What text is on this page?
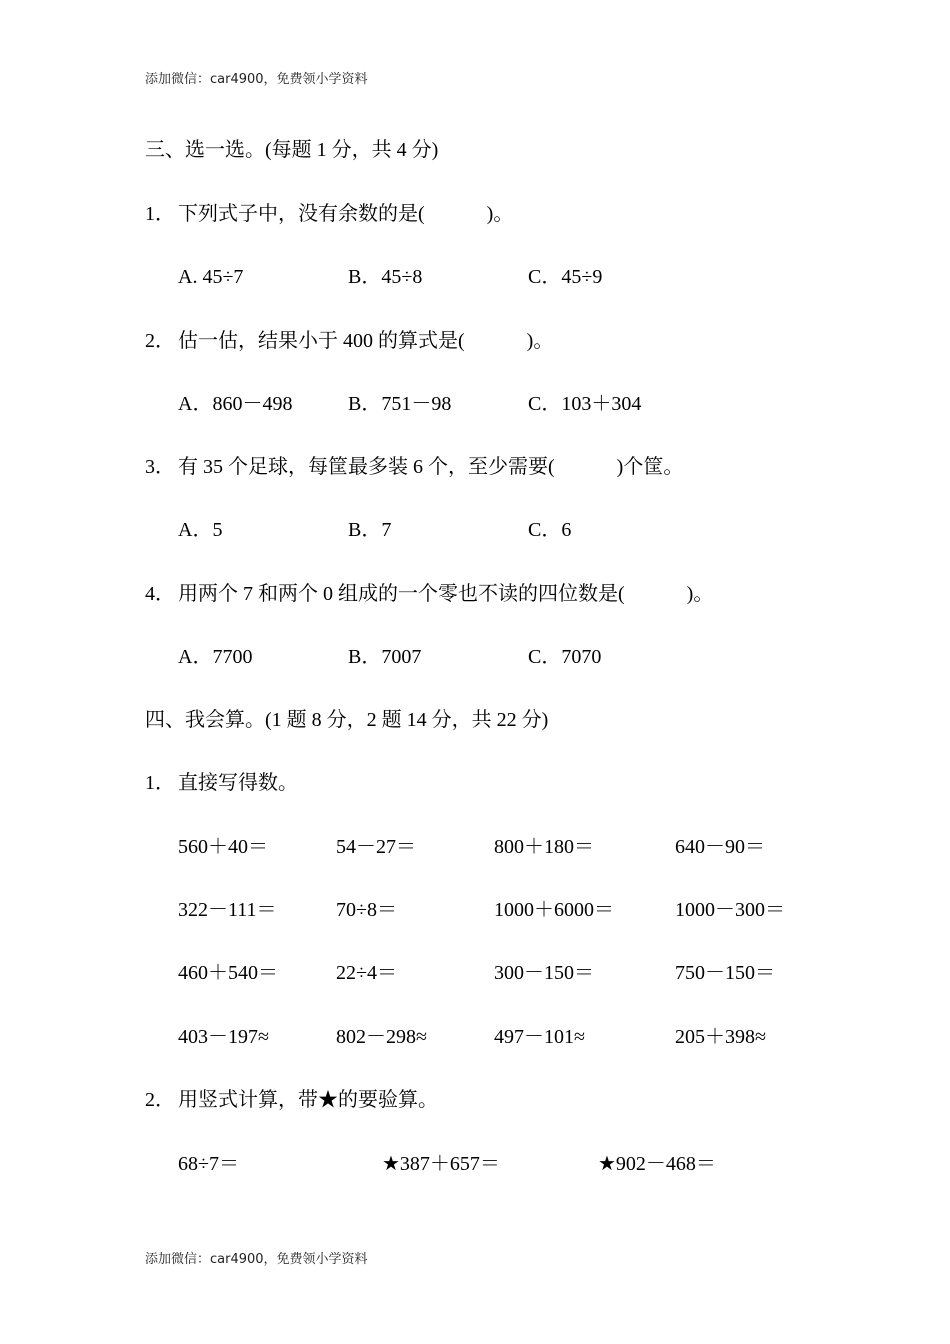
添加微信：car4900，免费领小学资料
三、选一选。(每题 1 分，共 4 分)
1． 下列式子中，没有余数的是(	)。
A. 45÷7	B．45÷8	C．45÷9
2． 估一估，结果小于 400 的算式是(	)。
A．860－498	B．751－98	C．103＋304
3． 有 35 个足球，每筐最多装 6 个，至少需要(	)个筐。
A．5	B．7	C．6
4． 用两个 7 和两个 0 组成的一个零也不读的四位数是(	)。
A．7700	B．7007	C．7070
四、我会算。(1 题 8 分，2 题 14 分，共 22 分)
1． 直接写得数。
560＋40＝	54－27＝	800＋180＝	640－90＝
322－111＝	70÷8＝	1000＋6000＝	1000－300＝
460＋540＝	22÷4＝	300－150＝	750－150＝
403－197≈	802－298≈	497－101≈	205＋398≈
2． 用竖式计算，带★的要验算。
68÷7＝	★387＋657＝	★902－468＝
添加微信：car4900，免费领小学资料
